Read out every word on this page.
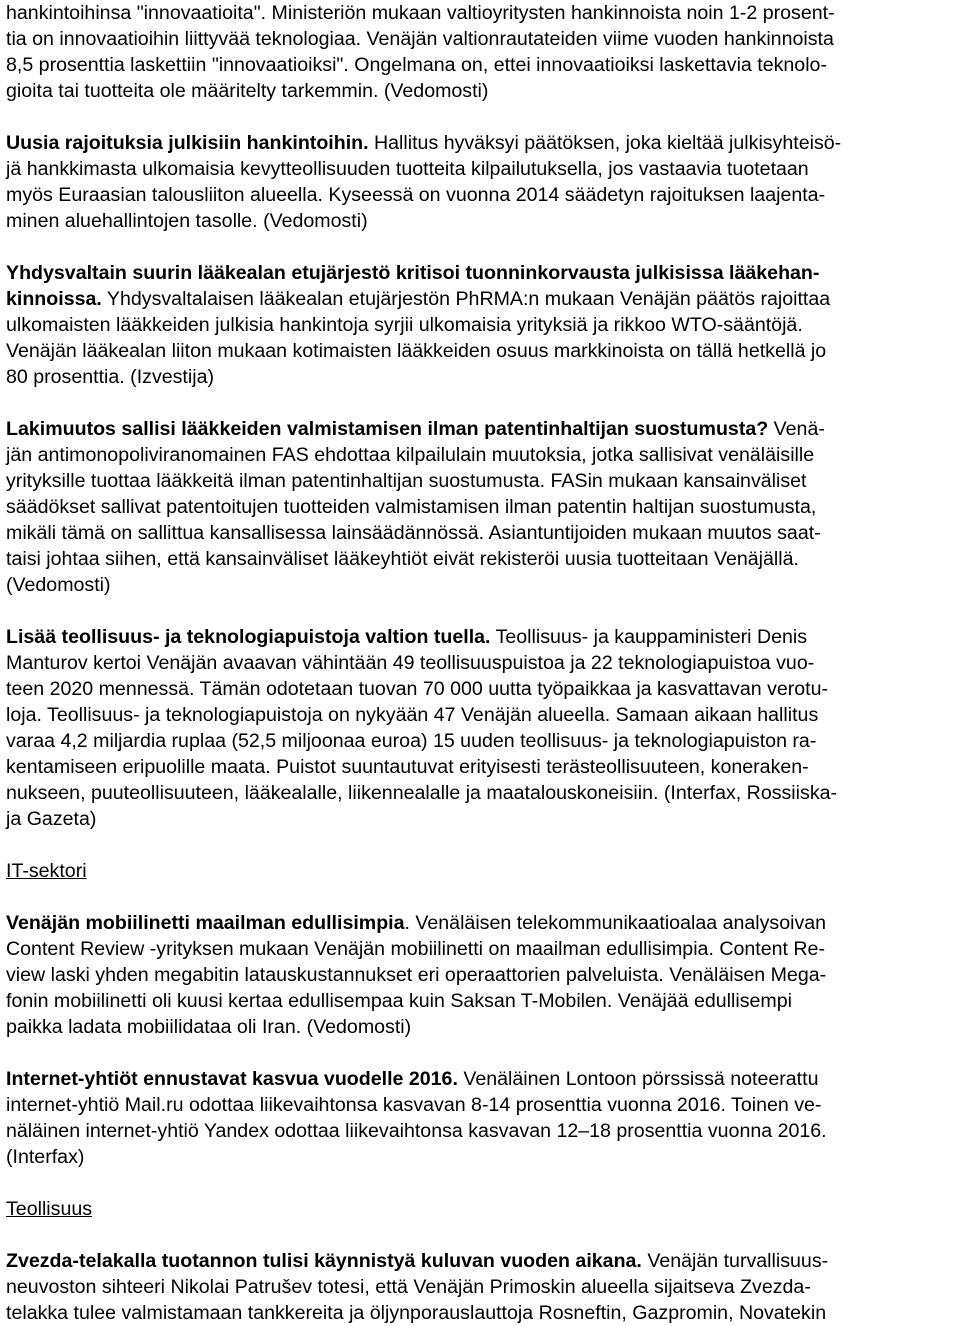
hankintoihinsa "innovaatioita". Ministeriön mukaan valtioyritysten hankinnoista noin 1-2 prosent-
tia on innovaatioihin liittyvää teknologiaa. Venäjän valtionrautateiden viime vuoden hankinnoista
8,5 prosenttia laskettiin "innovaatioiksi". Ongelmana on, ettei innovaatioiksi laskettavia teknolo-
gioita tai tuotteita ole määritelty tarkemmin. (Vedomosti)
Uusia rajoituksia julkisiin hankintoihin. Hallitus hyväksyi päätöksen, joka kieltää julkisyhteisö-
jä hankkimasta ulkomaisia kevytteollisuuden tuotteita kilpailutuksella, jos vastaavia tuotetaan
myös Euraasian talousliiton alueella. Kyseessä on vuonna 2014 säädetyn rajoituksen laajenta-
minen aluehallintojen tasolle. (Vedomosti)
Yhdysvaltain suurin lääkealan etujärjestö kritisoi tuonninkorvausta julkisissa lääkehan-
kinnoissa. Yhdysvaltalaisen lääkealan etujärjestön PhRMA:n mukaan Venäjän päätös rajoittaa
ulkomaisten lääkkeiden julkisia hankintoja syrjii ulkomaisia yrityksiä ja rikkoo WTO-sääntöjä.
Venäjän lääkealan liiton mukaan kotimaisten lääkkeiden osuus markkinoista on tällä hetkellä jo
80 prosenttia. (Izvestija)
Lakimuutos sallisi lääkkeiden valmistamisen ilman patentinhaltijan suostumusta? Venä-
jän antimonopoliviranomainen FAS ehdottaa kilpailulain muutoksia, jotka sallisivat venäläisille
yrityksille tuottaa lääkkeitä ilman patentinhaltijan suostumusta. FASin mukaan kansainväliset
säädökset sallivat patentoitujen tuotteiden valmistamisen ilman patentin haltijan suostumusta,
mikäli tämä on sallittua kansallisessa lainsäädännössä. Asiantuntijoiden mukaan muutos saat-
taisi johtaa siihen, että kansainväliset lääkeyhtiöt eivät rekisteröi uusia tuotteitaan Venäjällä.
(Vedomosti)
Lisää teollisuus- ja teknologiapuistoja valtion tuella. Teollisuus- ja kauppaministeri Denis
Manturov kertoi Venäjän avaavan vähintään 49 teollisuuspuistoa ja 22 teknologiapuistoa vuo-
teen 2020 mennessä. Tämän odotetaan tuovan 70 000 uutta työpaikkaa ja kasvattavan verotu-
loja. Teollisuus- ja teknologiapuistoja on nykyään 47 Venäjän alueella. Samaan aikaan hallitus
varaa 4,2 miljardia ruplaa (52,5 miljoonaa euroa) 15 uuden teollisuus- ja teknologiapuiston ra-
kentamiseen eripuolille maata. Puistot suuntautuvat erityisesti terästeollisuuteen, koneraken-
nukseen, puuteollisuuteen, lääkealalle, liikennealalle ja maatalouskoneisiin. (Interfax, Rossiiska-
ja Gazeta)
IT-sektori
Venäjän mobiilinetti maailman edullisimpia. Venäläisen telekommunikaatioalaa analysoivan
Content Review -yrityksen mukaan Venäjän mobiilinetti on maailman edullisimpia. Content Re-
view laski yhden megabitin latauskustannukset eri operaattorien palveluista. Venäläisen Mega-
fonin mobiilinetti oli kuusi kertaa edullisempaa kuin Saksan T-Mobilen. Venäjää edullisempi
paikka ladata mobiilidataa oli Iran. (Vedomosti)
Internet-yhtiöt ennustavat kasvua vuodelle 2016. Venäläinen Lontoon pörssissä noteerattu
internet-yhtiö Mail.ru odottaa liikevaihtonsa kasvavan 8-14 prosenttia vuonna 2016. Toinen ve-
näläinen internet-yhtiö Yandex odottaa liikevaihtonsa kasvavan 12–18 prosenttia vuonna 2016.
(Interfax)
Teollisuus
Zvezda-telakalla tuotannon tulisi käynnistyä kuluvan vuoden aikana. Venäjän turvallisuus-
neuvoston sihteeri Nikolai Patrušev totesi, että Venäjän Primoskin alueella sijaitseva Zvezda-
telakka tulee valmistamaan tankkereita ja öljynporauslauttoja Rosneftin, Gazpromin, Novatekin
